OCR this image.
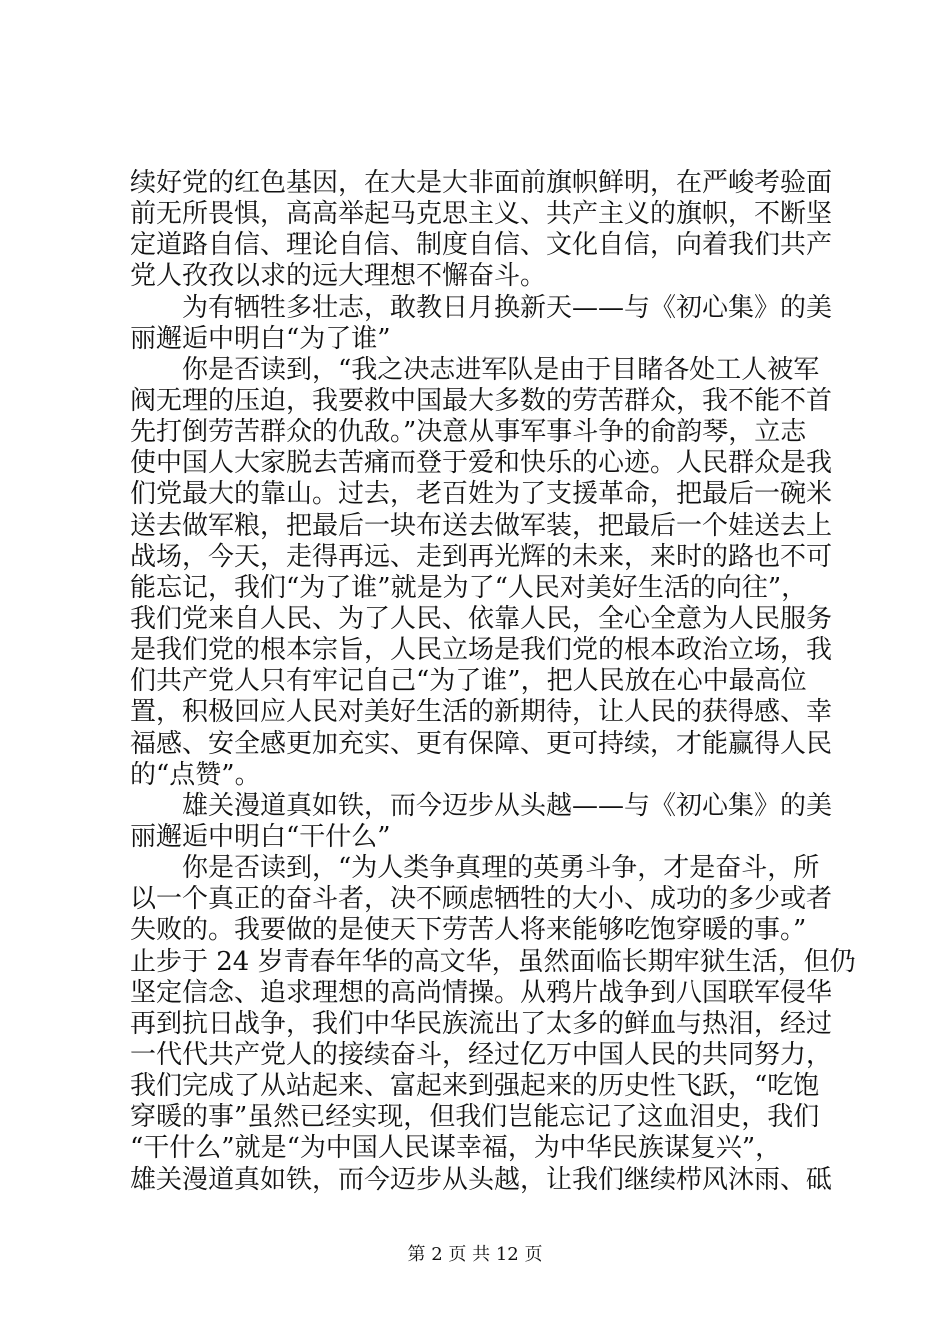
续好党的红色基因，在大是大非面前旗帜鲜明，在严峻考验面
前无所畏惧，高高举起马克思主义、共产主义的旗帜，不断坚
定道路自信、理论自信、制度自信、文化自信，向着我们共产
党人孜孜以求的远大理想不懈奋斗。
　　为有牺牲多壮志，敢教日月换新天——与《初心集》的美
丽邂逅中明白“为了谁”
　　你是否读到，“我之决志进军队是由于目睹各处工人被军
阀无理的压迫，我要救中国最大多数的劳苦群众，我不能不首
先打倒劳苦群众的仇敌。”决意从事军事斗争的俞韵琴，立志
使中国人大家脱去苦痛而登于爱和快乐的心迹。人民群众是我
们党最大的靠山。过去，老百姓为了支援革命，把最后一碗米
送去做军粮，把最后一块布送去做军装，把最后一个娃送去上
战场，今天，走得再远、走到再光辉的未来，来时的路也不可
能忘记，我们“为了谁”就是为了“人民对美好生活的向往”，
我们党来自人民、为了人民、依靠人民，全心全意为人民服务
是我们党的根本宗旨，人民立场是我们党的根本政治立场，我
们共产党人只有牢记自己“为了谁”，把人民放在心中最高位
置，积极回应人民对美好生活的新期待，让人民的获得感、幸
福感、安全感更加充实、更有保障、更可持续，才能赢得人民
的“点赞”。
　　雄关漫道真如铁，而今迈步从头越——与《初心集》的美
丽邂逅中明白“干什么”
　　你是否读到，“为人类争真理的英勇斗争，才是奋斗，所
以一个真正的奋斗者，决不顾虑牺牲的大小、成功的多少或者
失败的。我要做的是使天下劳苦人将来能够吃饱穿暖的事。”
止步于 24 岁青春年华的高文华，虽然面临长期牢狱生活，但仍
坚定信念、追求理想的高尚情操。从鸦片战争到八国联军侵华
再到抗日战争，我们中华民族流出了太多的鲜血与热泪，经过
一代代共产党人的接续奋斗，经过亿万中国人民的共同努力，
我们完成了从站起来、富起来到强起来的历史性飞跃，“吃饱
穿暖的事”虽然已经实现，但我们岂能忘记了这血泪史，我们
“干什么”就是“为中国人民谋幸福，为中华民族谋复兴”，
雄关漫道真如铁，而今迈步从头越，让我们继续栉风沐雨、砥
第 2 页 共 12 页
